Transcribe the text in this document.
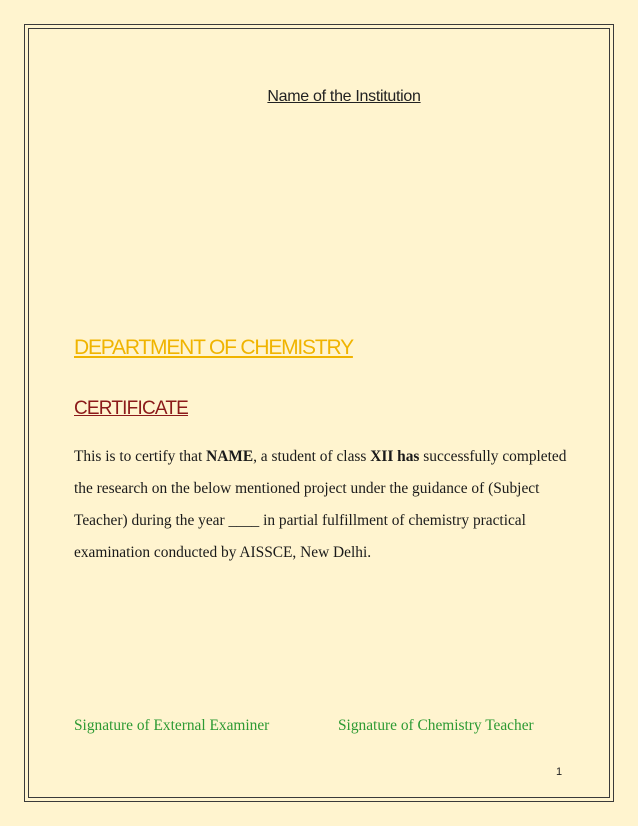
Name of the Institution
DEPARTMENT OF CHEMISTRY
CERTIFICATE
This is to certify that NAME, a student of class XII has successfully completed the research on the below mentioned project under the guidance of (Subject Teacher) during the year ____ in partial fulfillment of chemistry practical examination conducted by AISSCE, New Delhi.
Signature of External Examiner	Signature of Chemistry Teacher
1
